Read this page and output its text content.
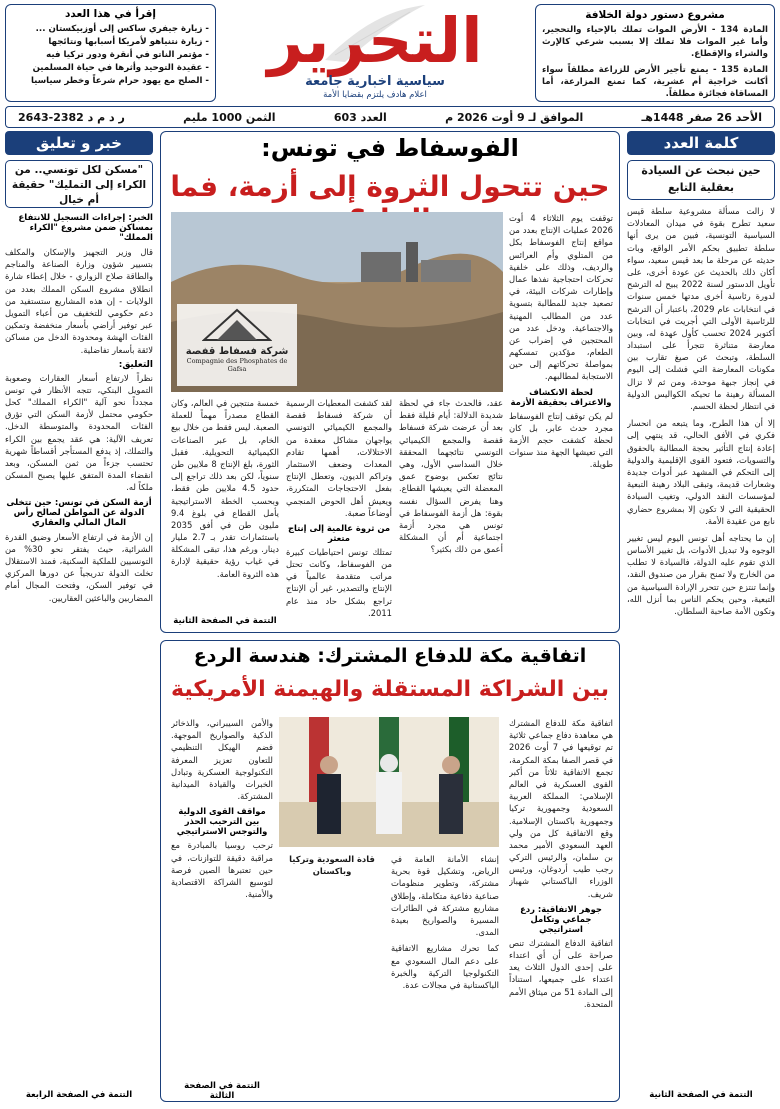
مشروع دستور دولة الخلافة
المادة 134 - الأرض الموات تملك بالإحياء والتحجير، وأما غير الموات فلا تملك إلا بسبب شرعي كالإرث والشراء والإقطاع.
المادة 135 - يمنع تأجير الأرض للزراعة مطلقاً سواء أكانت خراجية أم عشرية، كما تمنع المزارعة، أما المساقاة فجائزة مطلقاً.
التحرير
سياسية اخبارية جامعة
اعلام هادف يلتزم بقضايا الأمة
إقرأ في هذا العدد
- زيارة جيفري ساكس إلى أوزبيكستان ...
- زيارة نتنياهو لأمريكا أسبابها ونتائجها
- مؤتمر الناتو في أنقرة ودور تركيا فيه
- عقيدة التوحيد وأثرها في حياة المسلمين
- الصلح مع يهود حرام شرعاً وخطر سياسيا
الأحد 26 صفر 1448هـ
الموافق لـ 9 أوت 2026 م
العدد 603
الثمن 1000 مليم
ر د م د 2382-2643
كلمة العدد
حين نبحث عن السيادة بعقلية التابع

لا زالت مسألة مشروعية سلطة قيس سعيد تطرح بقوة في ميدان المعادلات السياسية التونسية، فبين من يرى أنها سلطة تطبيق بحكم الأمر الواقع، وبات حديثه عن مرحلة ما بعد قيس سعيد، سواء أكان ذلك بالحديث عن عودة أخرى، على تأويل الدستور لسنة 2022 يبيح له الترشح لدورة رئاسية أخرى مدتها خمس سنوات في انتخابات عام 2029، باعتبار أن الترشح للرئاسية الأولى التي أجريت في انتخابات أكتوبر 2024 تحسب كأول عهدة له، وبين معارضة متناثرة تتجرأ على استبداد السلطة، وتبحث عن صيغ تقارب بين مكونات المعارضة التي فشلت إلى اليوم في إنجاز جبهة موحدة، ومن ثم لا تزال المسألة رهينة ما تحيكه الكواليس الدولية في انتظار لحظة الحسم.

إلا أن هذا الطرح، وما يتبعه من انحسار فكري في الأفق الحالي، قد ينتهي إلى إعادة إنتاج التأثير بحجة المطالبة بالحقوق والتسويات، فتعود القوى الإقليمية والدولية إلى التحكم في المشهد عبر أدوات جديدة وشعارات قديمة، وتبقى البلاد رهينة التبعية لمؤسسات النقد الدولي، وتغيب السيادة الحقيقية التي لا تكون إلا بمشروع حضاري نابع من عقيدة الأمة.

إن ما يحتاجه أهل تونس اليوم ليس تغيير الوجوه ولا تبديل الأدوات، بل تغيير الأساس الذي تقوم عليه الدولة، فالسيادة لا تطلب من الخارج ولا تمنح بقرار من صندوق النقد، وإنما تنتزع حين تتحرر الإرادة السياسية من التبعية، وحين يحكم الناس بما أنزل الله، وتكون الأمة صاحبة السلطان.

التتمة في الصفحة الثانية
خبر و تعليق
"مسكن لكل تونسي.. من الكراء إلى التمليك" حقيقة أم خيال

الخبر: إجراءات التسجيل للانتفاع بمساكن ضمن مشروع "الكراء المملك"

قال وزير التجهيز والإسكان والمكلف بتسيير شؤون وزارة الصناعة والمناجم والطاقة صلاح الزواري - خلال إعطاء شارة انطلاق مشروع السكن المملك بعدد من الولايات - إن هذه المشاريع ستستفيد من دعم حكومي للتخفيف من أعباء التمويل عبر توفير أراضي بأسعار منخفضة وتمكين الفئات الهشة ومحدودة الدخل من مساكن لائقة بأسعار تفاضلية.

التعليق:

نظراً لارتفاع أسعار العقارات وصعوبة التمويل البنكي، تتجه الأنظار في تونس مجدداً نحو آلية "الكراء المملك" كحل حكومي محتمل لأزمة السكن التي تؤرق الفئات المحدودة والمتوسطة الدخل. تعريف الآلية: هي عقد يجمع بين الكراء والتملك، إذ يدفع المستأجر أقساطاً شهرية تحتسب جزءاً من ثمن المسكن، وبعد انقضاء المدة المتفق عليها يصبح المسكن ملكاً له.

أزمة السكن في تونس: حين تتخلى الدولة عن المواطن لصالح رأس المال المالي والعقاري

إن الأزمة في ارتفاع الأسعار وضيق القدرة الشرائية، حيث يفتقر نحو 30% من التونسيين للملكية السكنية، فمنذ الاستقلال تخلت الدولة تدريجياً عن دورها المركزي في توفير السكن، وفتحت المجال أمام المضاربين والباعثين العقاريين.

التتمة في الصفحة الرابعة
الفوسفاط في تونس:
حين تتحول الثروة إلى أزمة، فما

توقفت يوم الثلاثاء 4 أوت 2026 عمليات الإنتاج بعدد من مواقع إنتاج الفوسفاط بكل من المتلوي وأم العرائس والرديف، وذلك على خلفية تحركات احتجاجية نفذها عمال وإطارات شركات البيئة، في تصعيد جديد للمطالبة بتسوية عدد من المطالب المهنية والاجتماعية. ودخل عدد من المحتجين في إضراب عن الطعام، مؤكدين تمسكهم بمواصلة تحركاتهم إلى حين الاستجابة لمطالبهم.

لحظة الانكشاف والاعتراف بحقيقة الأزمة

لم يكن توقف إنتاج الفوسفاط مجرد حدث عابر، بل كان لحظة كشفت حجم الأزمة التي تعيشها الجهة منذ سنوات طويلة.

شركة فسفاط قفصة
Compagnie des Phosphates de Gafsa

عقد، فالحدث جاء في لحظة شديدة الدلالة: أيام قليلة فقط بعد أن عرضت شركة فسفاط قفصة والمجمع الكيميائي التونسي نتائجهما المحققة خلال السداسي الأول، وهي نتائج تعكس بوضوح عمق المعضلة التي يعيشها القطاع. وهنا يفرض السؤال نفسه بقوة: هل أزمة الفوسفاط في تونس هي مجرد أزمة اجتماعية أم أن المشكلة أعمق من ذلك بكثير؟

لقد كشفت المعطيات الرسمية أن شركة فسفاط قفصة والمجمع الكيميائي التونسي يواجهان مشاكل معقدة من الاختلالات، أهمها تقادم المعدات وضعف الاستثمار وتراكم الديون، وتعطل الإنتاج بفعل الاحتجاجات المتكررة، ويعيش أهل الحوض المنجمي أوضاعاً صعبة.

من ثروة عالمية إلى إنتاج متعثر

تمتلك تونس احتياطيات كبيرة من الفوسفاط، وكانت تحتل مراتب متقدمة عالمياً في الإنتاج والتصدير، غير أن الإنتاج تراجع بشكل حاد منذ عام 2011.

خمسة منتجين في العالم، وكان القطاع مصدراً مهماً للعملة الصعبة. ليس فقط من خلال بيع الخام، بل عبر الصناعات الكيميائية التحويلية. فقبل الثورة، بلغ الإنتاج 8 ملايين طن سنوياً، لكن بعد ذلك تراجع إلى حدود 4.5 ملايين طن فقط، وبحسب الخطة الاستراتيجية يأمل القطاع في بلوغ 9.4 مليون طن في أفق 2035 باستثمارات تقدر بـ 2.7 مليار دينار. ورغم هذا، تبقى المشكلة في غياب رؤية حقيقية لإدارة هذه الثروة العامة.

التتمة في الصفحة الثانية
اتفاقية مكة للدفاع المشترك: هندسة الردع
بين الشراكة المستقلة والهيمنة الأمريكية

اتفاقية مكة للدفاع المشترك هي معاهدة دفاع جماعي ثلاثية تم توقيعها في 7 أوت 2026 في قصر الصفا بمكة المكرمة، تجمع الاتفاقية ثلاثاً من أكبر القوى العسكرية في العالم الإسلامي: المملكة العربية السعودية وجمهورية تركيا وجمهورية باكستان الإسلامية. وقع الاتفاقية كل من ولي العهد السعودي الأمير محمد بن سلمان، والرئيس التركي رجب طيب أردوغان، ورئيس الوزراء الباكستاني شهباز شريف.

جوهر الاتفاقية: ردع جماعي وتكامل استراتيجي

اتفاقية الدفاع المشترك تنص صراحة على أن أي اعتداء على إحدى الدول الثلاث يعد اعتداء على جميعها، استناداً إلى المادة 51 من ميثاق الأمم المتحدة.

والأمن السيبراني، والذخائر الذكية والصواريخ الموجهة. فضم الهيكل التنظيمي للتعاون تعزيز المعرفة التكنولوجية العسكرية وتبادل الخبرات والقيادة الميدانية المشتركة.

مواقف القوى الدولية بين الترحيب الحذر والتوجس الاستراتيجي

ترحب روسيا بالمبادرة مع مراقبة دقيقة للتوازنات، في حين تعتبرها الصين فرصة لتوسيع الشراكة الاقتصادية والأمنية.

إنشاء الأمانة العامة في الرياض، وتشكيل قوة بحرية مشتركة، وتطوير منظومات صناعية دفاعية متكاملة، وإطلاق مشاريع مشتركة في الطائرات المسيرة والصواريخ بعيدة المدى.

كما تحرك مشاريع الاتفاقية على دعم المال السعودي مع التكنولوجيا التركية والخبرة الباكستانية في مجالات عدة.

قادة السعودية وتركيا وباكستان

التتمة في الصفحة الثالثة
